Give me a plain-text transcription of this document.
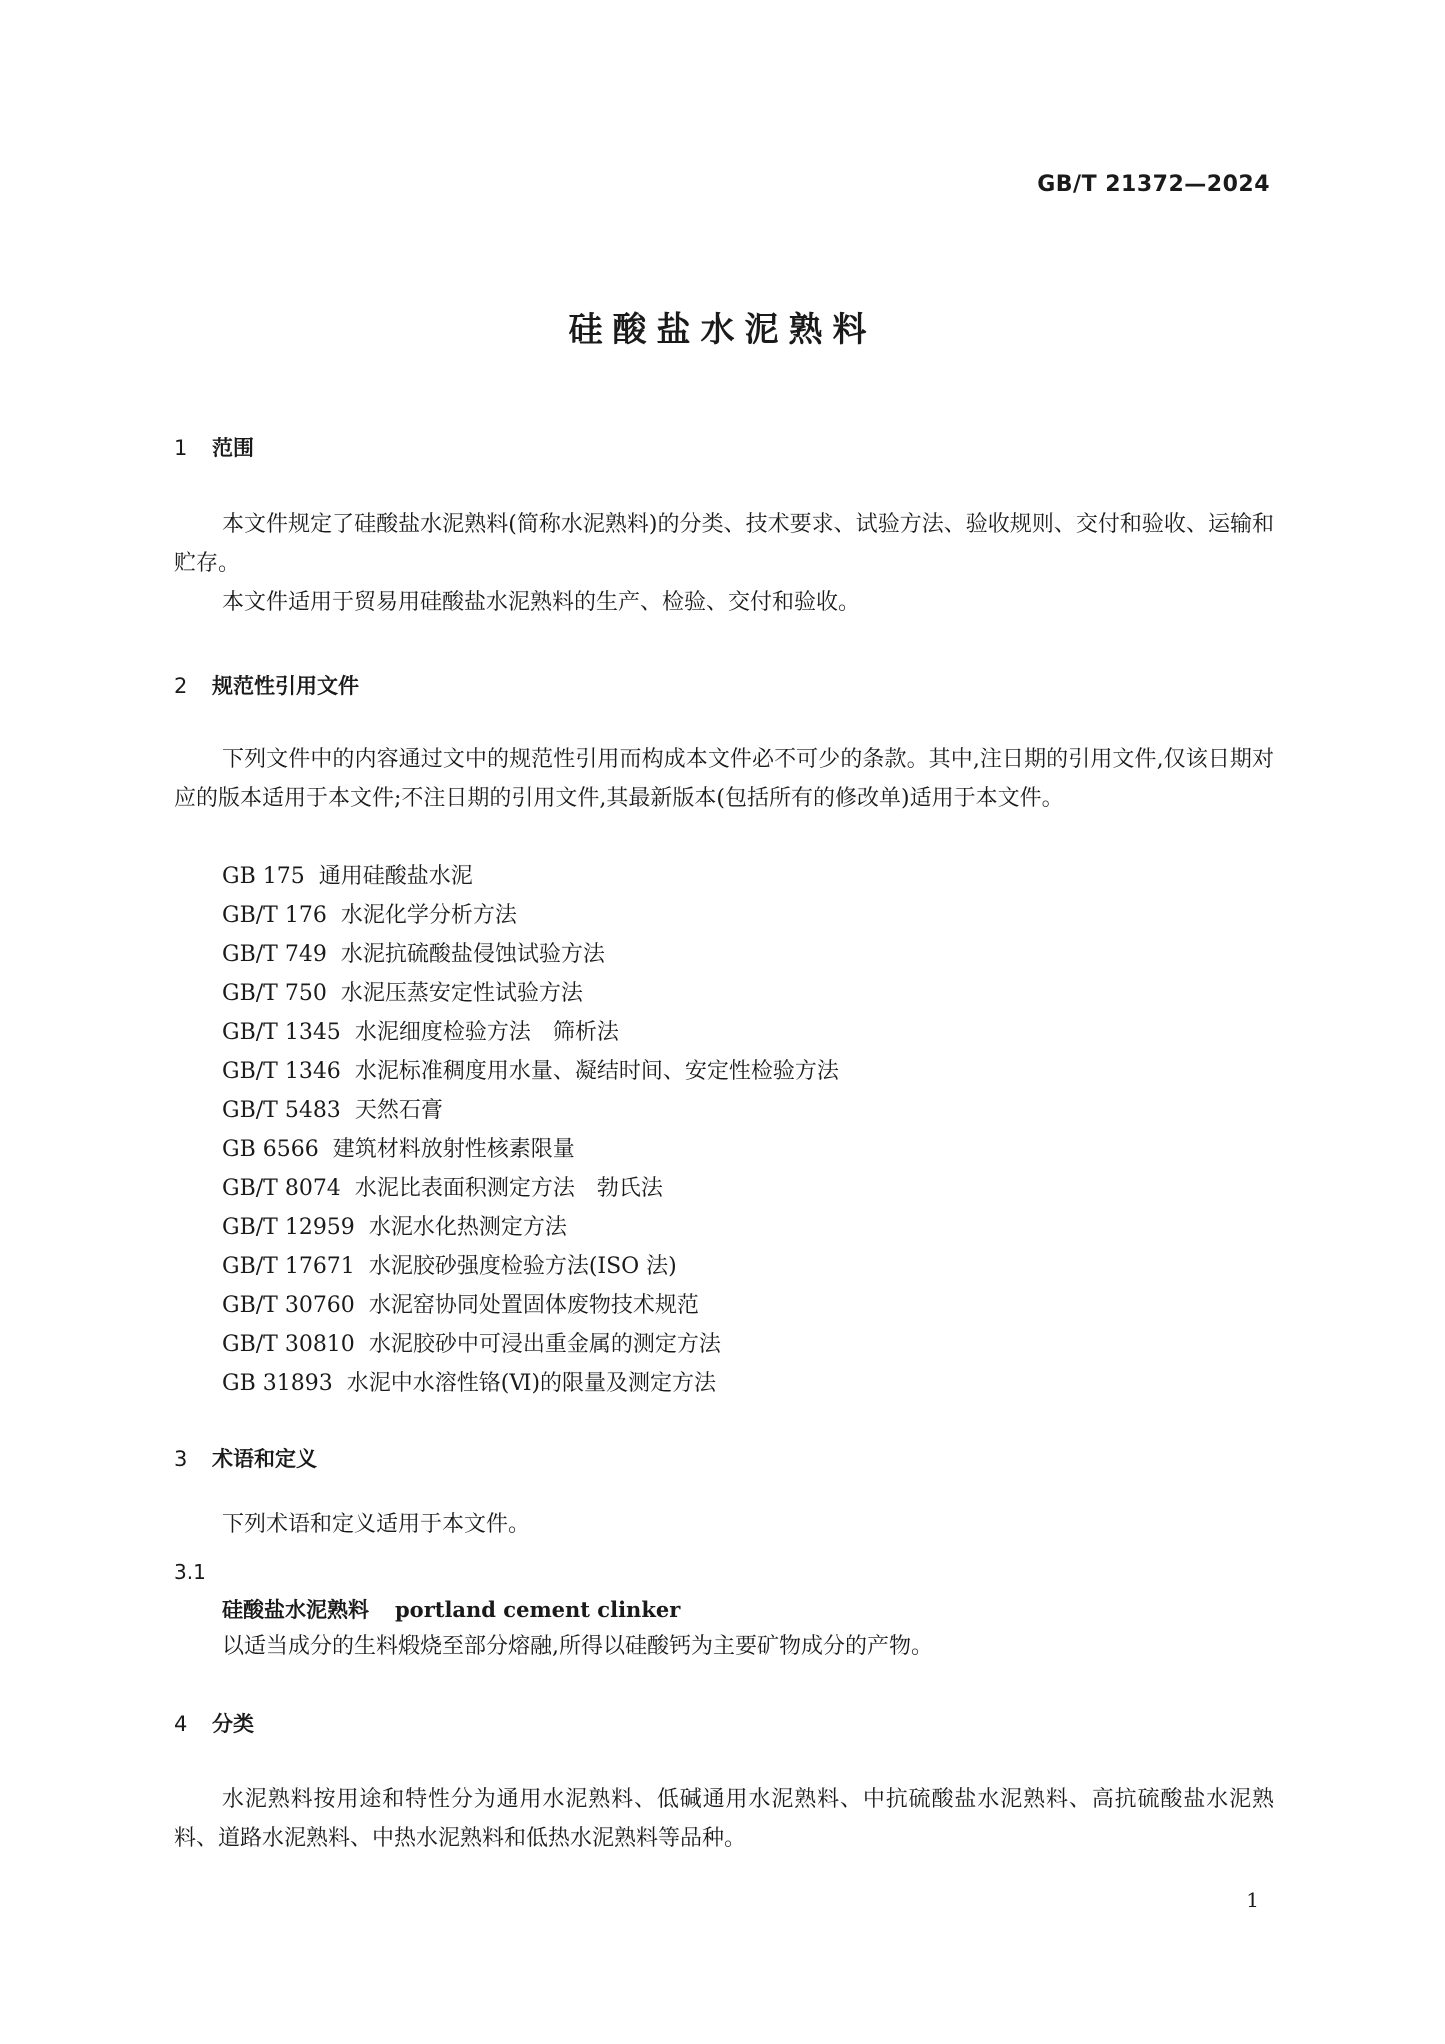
GB/T 21372—2024
硅酸盐水泥熟料
1 范围

本文件规定了硅酸盐水泥熟料(简称水泥熟料)的分类、技术要求、试验方法、验收规则、交付和验收、运输和贮存。

本文件适用于贸易用硅酸盐水泥熟料的生产、检验、交付和验收。

2 规范性引用文件

下列文件中的内容通过文中的规范性引用而构成本文件必不可少的条款。其中,注日期的引用文件,仅该日期对应的版本适用于本文件;不注日期的引用文件,其最新版本(包括所有的修改单)适用于本文件。

GB 175 通用硅酸盐水泥
GB/T 176 水泥化学分析方法
GB/T 749 水泥抗硫酸盐侵蚀试验方法
GB/T 750 水泥压蒸安定性试验方法
GB/T 1345 水泥细度检验方法　筛析法
GB/T 1346 水泥标准稠度用水量、凝结时间、安定性检验方法
GB/T 5483 天然石膏
GB 6566 建筑材料放射性核素限量
GB/T 8074 水泥比表面积测定方法　勃氏法
GB/T 12959 水泥水化热测定方法
GB/T 17671 水泥胶砂强度检验方法(ISO 法)
GB/T 30760 水泥窑协同处置固体废物技术规范
GB/T 30810 水泥胶砂中可浸出重金属的测定方法
GB 31893 水泥中水溶性铬(Ⅵ)的限量及测定方法
3 术语和定义

下列术语和定义适用于本文件。

3.1
硅酸盐水泥熟料 portland cement clinker

以适当成分的生料煅烧至部分熔融,所得以硅酸钙为主要矿物成分的产物。

4 分类

水泥熟料按用途和特性分为通用水泥熟料、低碱通用水泥熟料、中抗硫酸盐水泥熟料、高抗硫酸盐水泥熟料、道路水泥熟料、中热水泥熟料和低热水泥熟料等品种。

1
